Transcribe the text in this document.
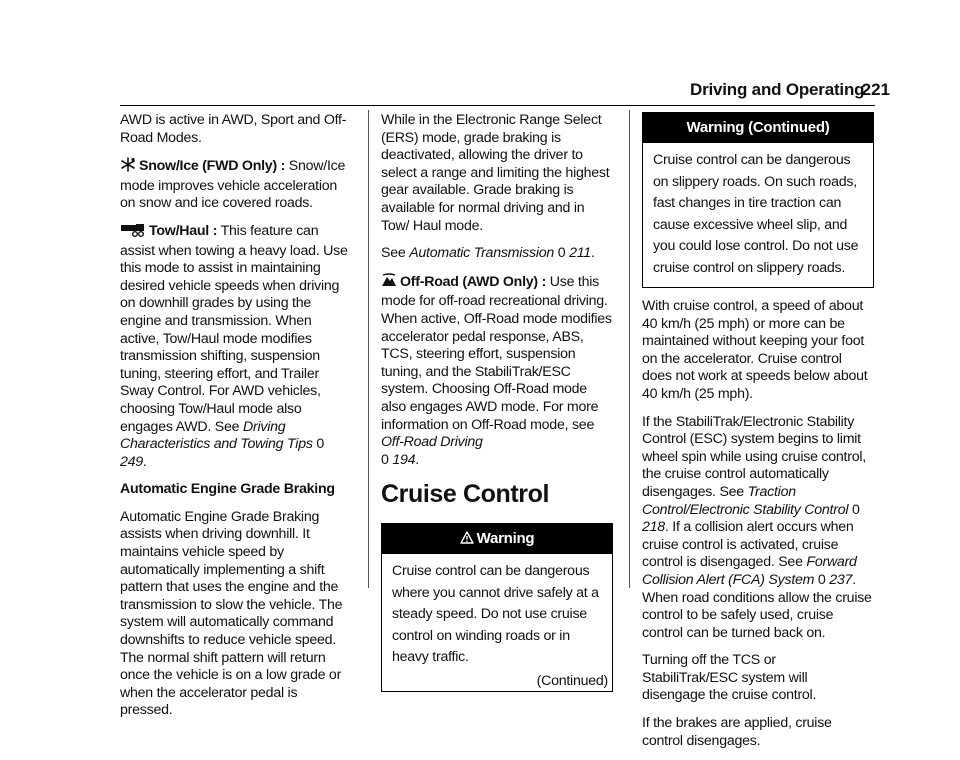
Driving and Operating
221

AWD is active in AWD, Sport and Off-Road Modes.

Snow/Ice (FWD Only) : Snow/Ice mode improves vehicle acceleration on snow and ice covered roads.

Tow/Haul : This feature can assist when towing a heavy load. Use this mode to assist in maintaining desired vehicle speeds when driving on downhill grades by using the engine and transmission. When active, Tow/Haul mode modifies transmission shifting, suspension tuning, steering effort, and Trailer Sway Control. For AWD vehicles, choosing Tow/Haul mode also engages AWD. See Driving Characteristics and Towing Tips 0 249.

Automatic Engine Grade Braking

Automatic Engine Grade Braking assists when driving downhill. It maintains vehicle speed by automatically implementing a shift pattern that uses the engine and the transmission to slow the vehicle. The system will automatically command downshifts to reduce vehicle speed. The normal shift pattern will return once the vehicle is on a low grade or when the accelerator pedal is pressed.

While in the Electronic Range Select (ERS) mode, grade braking is deactivated, allowing the driver to select a range and limiting the highest gear available. Grade braking is available for normal driving and in Tow/ Haul mode.

See Automatic Transmission 0 211.

Off-Road (AWD Only) : Use this mode for off-road recreational driving. When active, Off-Road mode modifies accelerator pedal response, ABS, TCS, steering effort, suspension tuning, and the StabiliTrak/ESC system. Choosing Off-Road mode also engages AWD mode. For more information on Off-Road mode, see Off-Road Driving
0 194.

Cruise Control
Warning
Cruise control can be dangerous where you cannot drive safely at a steady speed. Do not use cruise control on winding roads or in heavy traffic.
(Continued)
Warning (Continued)
Cruise control can be dangerous on slippery roads. On such roads, fast changes in tire traction can cause excessive wheel slip, and you could lose control. Do not use cruise control on slippery roads.

With cruise control, a speed of about 40 km/h (25 mph) or more can be maintained without keeping your foot on the accelerator. Cruise control does not work at speeds below about 40 km/h (25 mph).

If the StabiliTrak/Electronic Stability Control (ESC) system begins to limit wheel spin while using cruise control, the cruise control automatically disengages. See Traction Control/Electronic Stability Control 0 218. If a collision alert occurs when cruise control is activated, cruise control is disengaged. See Forward Collision Alert (FCA) System 0 237. When road conditions allow the cruise control to be safely used, cruise control can be turned back on.

Turning off the TCS or StabiliTrak/ESC system will disengage the cruise control.

If the brakes are applied, cruise control disengages.
